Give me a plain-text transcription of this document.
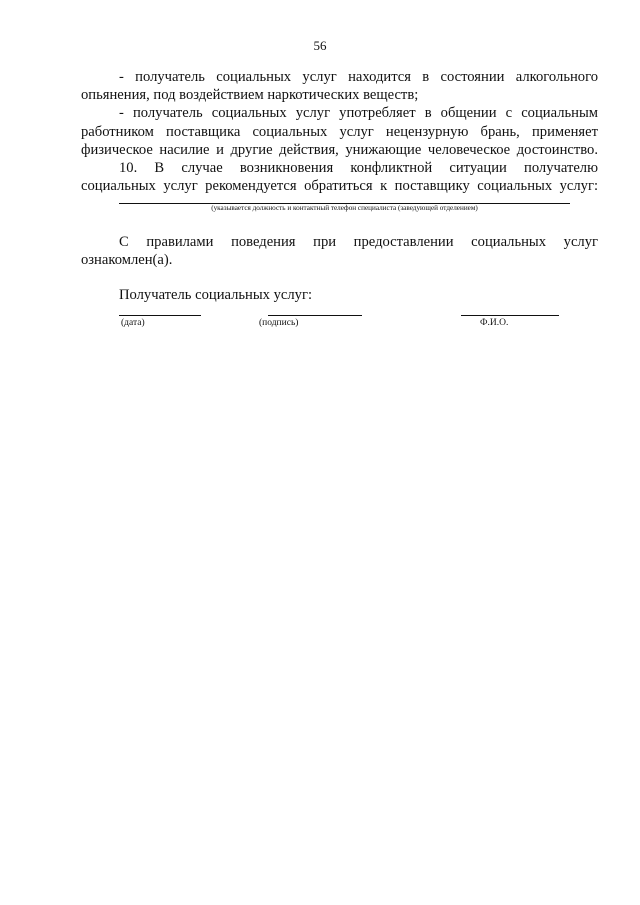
56
- получатель социальных услуг находится в состоянии алкогольного
опьянения, под воздействием наркотических веществ;
- получатель социальных услуг употребляет в общении с социальным
работником поставщика социальных услуг нецензурную брань, применяет
физическое насилие и другие действия, унижающие человеческое достоинство.
10. В случае возникновения конфликтной ситуации получателю
социальных услуг рекомендуется обратиться к поставщику социальных услуг:
(указывается должность и контактный телефон специалиста (заведующей отделением)
С правилами поведения при предоставлении социальных услуг
ознакомлен(а).
Получатель социальных услуг:
(дата)	(подпись)	Ф.И.О.
